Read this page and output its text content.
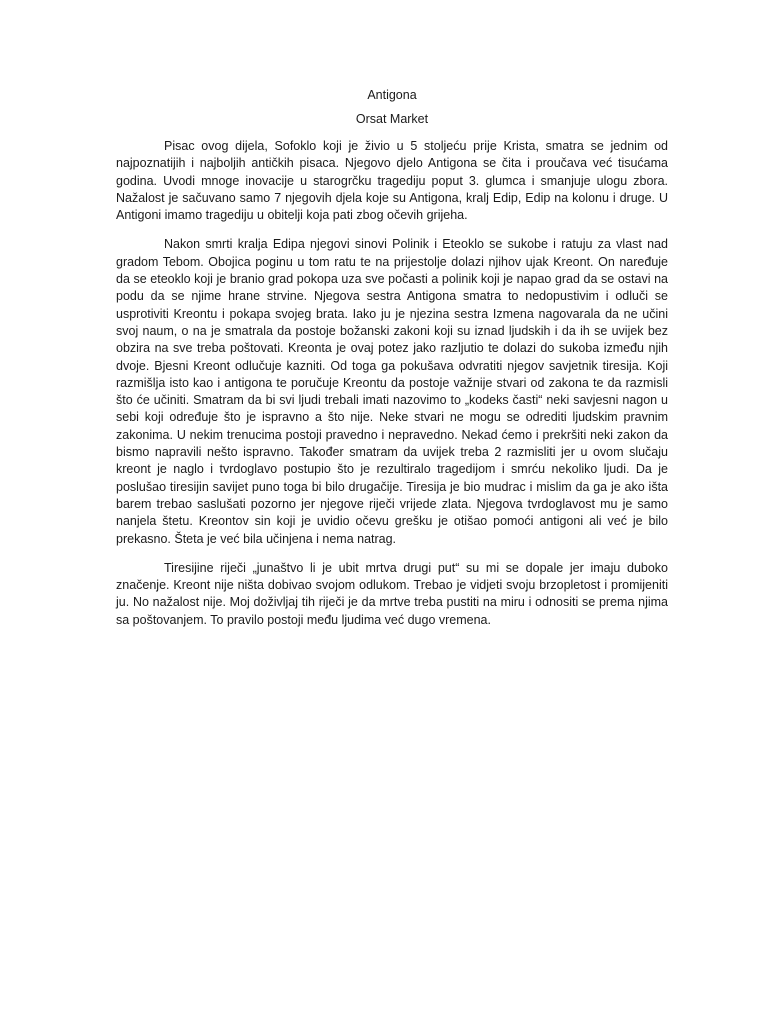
Antigona

Orsat Market

Pisac ovog dijela, Sofoklo koji je živio u 5 stoljeću prije Krista, smatra se jednim od najpoznatijih i najboljih antičkih pisaca. Njegovo djelo Antigona se čita i proučava već tisućama godina. Uvodi mnoge inovacije u starogrčku tragediju poput 3. glumca i smanjuje ulogu zbora. Nažalost je sačuvano samo 7 njegovih djela koje su Antigona, kralj Edip, Edip na kolonu i druge. U Antigoni imamo tragediju u obitelji koja pati zbog očevih grijeha.

Nakon smrti kralja Edipa njegovi sinovi Polinik i Eteoklo se sukobe i ratuju za vlast nad gradom Tebom. Obojica poginu u tom ratu te na prijestolje dolazi njihov ujak Kreont. On naređuje da se eteoklo koji je branio grad pokopa uza sve počasti a polinik koji je napao grad da se ostavi na podu da se njime hrane strvine. Njegova sestra Antigona smatra to nedopustivim i odluči se usprotiviti Kreontu i pokapa svojeg brata. Iako ju je njezina sestra Izmena nagovarala da ne učini svoj naum, o na je smatrala da postoje božanski zakoni koji su iznad ljudskih i da ih se uvijek bez obzira na sve treba poštovati. Kreonta je ovaj potez jako razljutio te dolazi do sukoba između njih dvoje. Bjesni Kreont odlučuje kazniti. Od toga ga pokušava odvratiti njegov savjetnik tiresija. Koji razmišlja isto kao i antigona te poručuje Kreontu da postoje važnije stvari od zakona te da razmisli što će učiniti. Smatram da bi svi ljudi trebali imati nazovimo to „kodeks časti“ neki savjesni nagon u sebi koji određuje što je ispravno a što nije. Neke stvari ne mogu se odrediti ljudskim pravnim zakonima. U nekim trenucima postoji pravedno i nepravedno. Nekad ćemo i prekršiti neki zakon da bismo napravili nešto ispravno. Također smatram da uvijek treba 2 razmisliti jer u ovom slučaju kreont je naglo i tvrdoglavo postupio što je rezultiralo tragedijom i smrću nekoliko ljudi. Da je poslušao tiresijin savijet puno toga bi bilo drugačije. Tiresija je bio mudrac i mislim da ga je ako išta barem trebao saslušati pozorno jer njegove riječi vrijede zlata. Njegova tvrdoglavost mu je samo nanjela štetu. Kreontov sin koji je uvidio očevu grešku je otišao pomoći antigoni ali već je bilo prekasno. Šteta je već bila učinjena i nema natrag.

Tiresijine riječi „junaštvo li je ubit mrtva drugi put“ su mi se dopale jer imaju duboko značenje. Kreont nije ništa dobivao svojom odlukom. Trebao je vidjeti svoju brzopletost i promijeniti ju. No nažalost nije. Moj doživljaj tih riječi je da mrtve treba pustiti na miru i odnositi se prema njima sa poštovanjem. To pravilo postoji među ljudima već dugo vremena.
